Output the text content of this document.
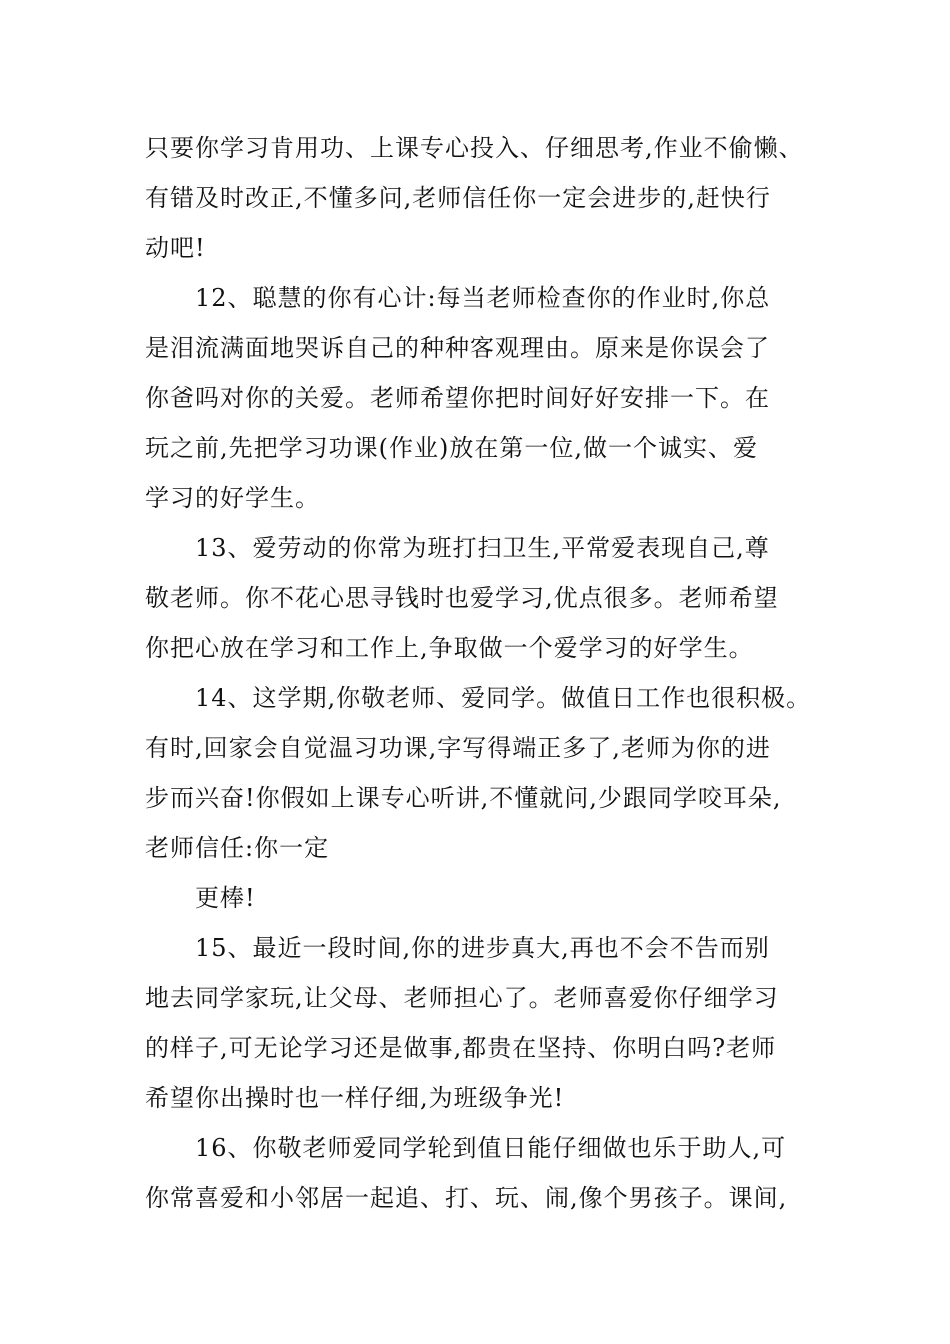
只要你学习肯用功、上课专心投入、仔细思考,作业不偷懒、
有错及时改正,不懂多问,老师信任你一定会进步的,赶快行
动吧!
12、聪慧的你有心计:每当老师检查你的作业时,你总
是泪流满面地哭诉自己的种种客观理由。原来是你误会了
你爸吗对你的关爱。老师希望你把时间好好安排一下。在
玩之前,先把学习功课(作业)放在第一位,做一个诚实、爱
学习的好学生。
13、爱劳动的你常为班打扫卫生,平常爱表现自己,尊
敬老师。你不花心思寻钱时也爱学习,优点很多。老师希望
你把心放在学习和工作上,争取做一个爱学习的好学生。
14、这学期,你敬老师、爱同学。做值日工作也很积极。
有时,回家会自觉温习功课,字写得端正多了,老师为你的进
步而兴奋!你假如上课专心听讲,不懂就问,少跟同学咬耳朵,
老师信任:你一定
更棒!
15、最近一段时间,你的进步真大,再也不会不告而别
地去同学家玩,让父母、老师担心了。老师喜爱你仔细学习
的样子,可无论学习还是做事,都贵在坚持、你明白吗?老师
希望你出操时也一样仔细,为班级争光!
16、你敬老师爱同学轮到值日能仔细做也乐于助人,可
你常喜爱和小邻居一起追、打、玩、闹,像个男孩子。课间,
